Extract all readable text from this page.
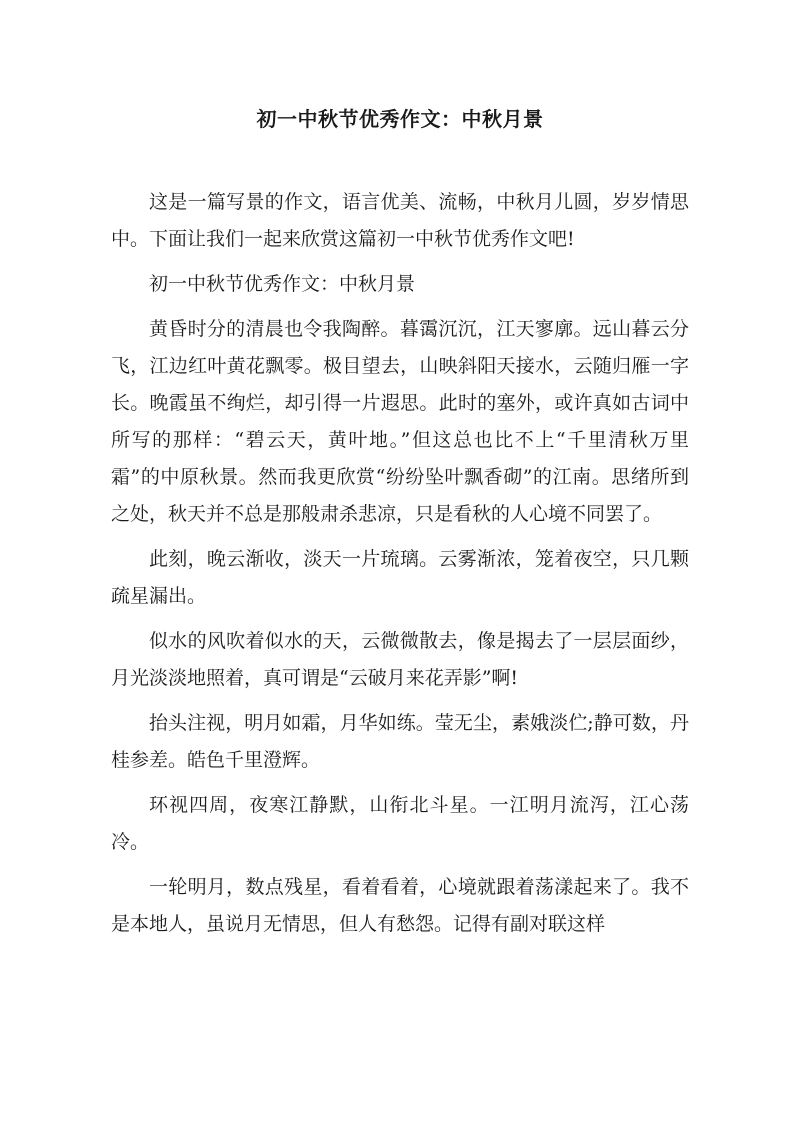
初一中秋节优秀作文：中秋月景

这是一篇写景的作文，语言优美、流畅，中秋月儿圆，岁岁情思中。下面让我们一起来欣赏这篇初一中秋节优秀作文吧!

初一中秋节优秀作文：中秋月景

黄昏时分的清晨也令我陶醉。暮霭沉沉，江天寥廓。远山暮云分飞，江边红叶黄花飘零。极目望去，山映斜阳天接水，云随归雁一字长。晚霞虽不绚烂，却引得一片遐思。此时的塞外，或许真如古词中所写的那样：“碧云天，黄叶地。”但这总也比不上“千里清秋万里霜”的中原秋景。然而我更欣赏“纷纷坠叶飘香砌”的江南。思绪所到之处，秋天并不总是那般肃杀悲凉，只是看秋的人心境不同罢了。

此刻，晚云渐收，淡天一片琉璃。云雾渐浓，笼着夜空，只几颗疏星漏出。

似水的风吹着似水的天，云微微散去，像是揭去了一层层面纱，月光淡淡地照着，真可谓是“云破月来花弄影”啊!

抬头注视，明月如霜，月华如练。莹无尘，素娥淡伫;静可数，丹桂参差。皓色千里澄辉。

环视四周，夜寒江静默，山衔北斗星。一江明月流泻，江心荡冷。

一轮明月，数点残星，看着看着，心境就跟着荡漾起来了。我不是本地人，虽说月无情思，但人有愁怨。记得有副对联这样
